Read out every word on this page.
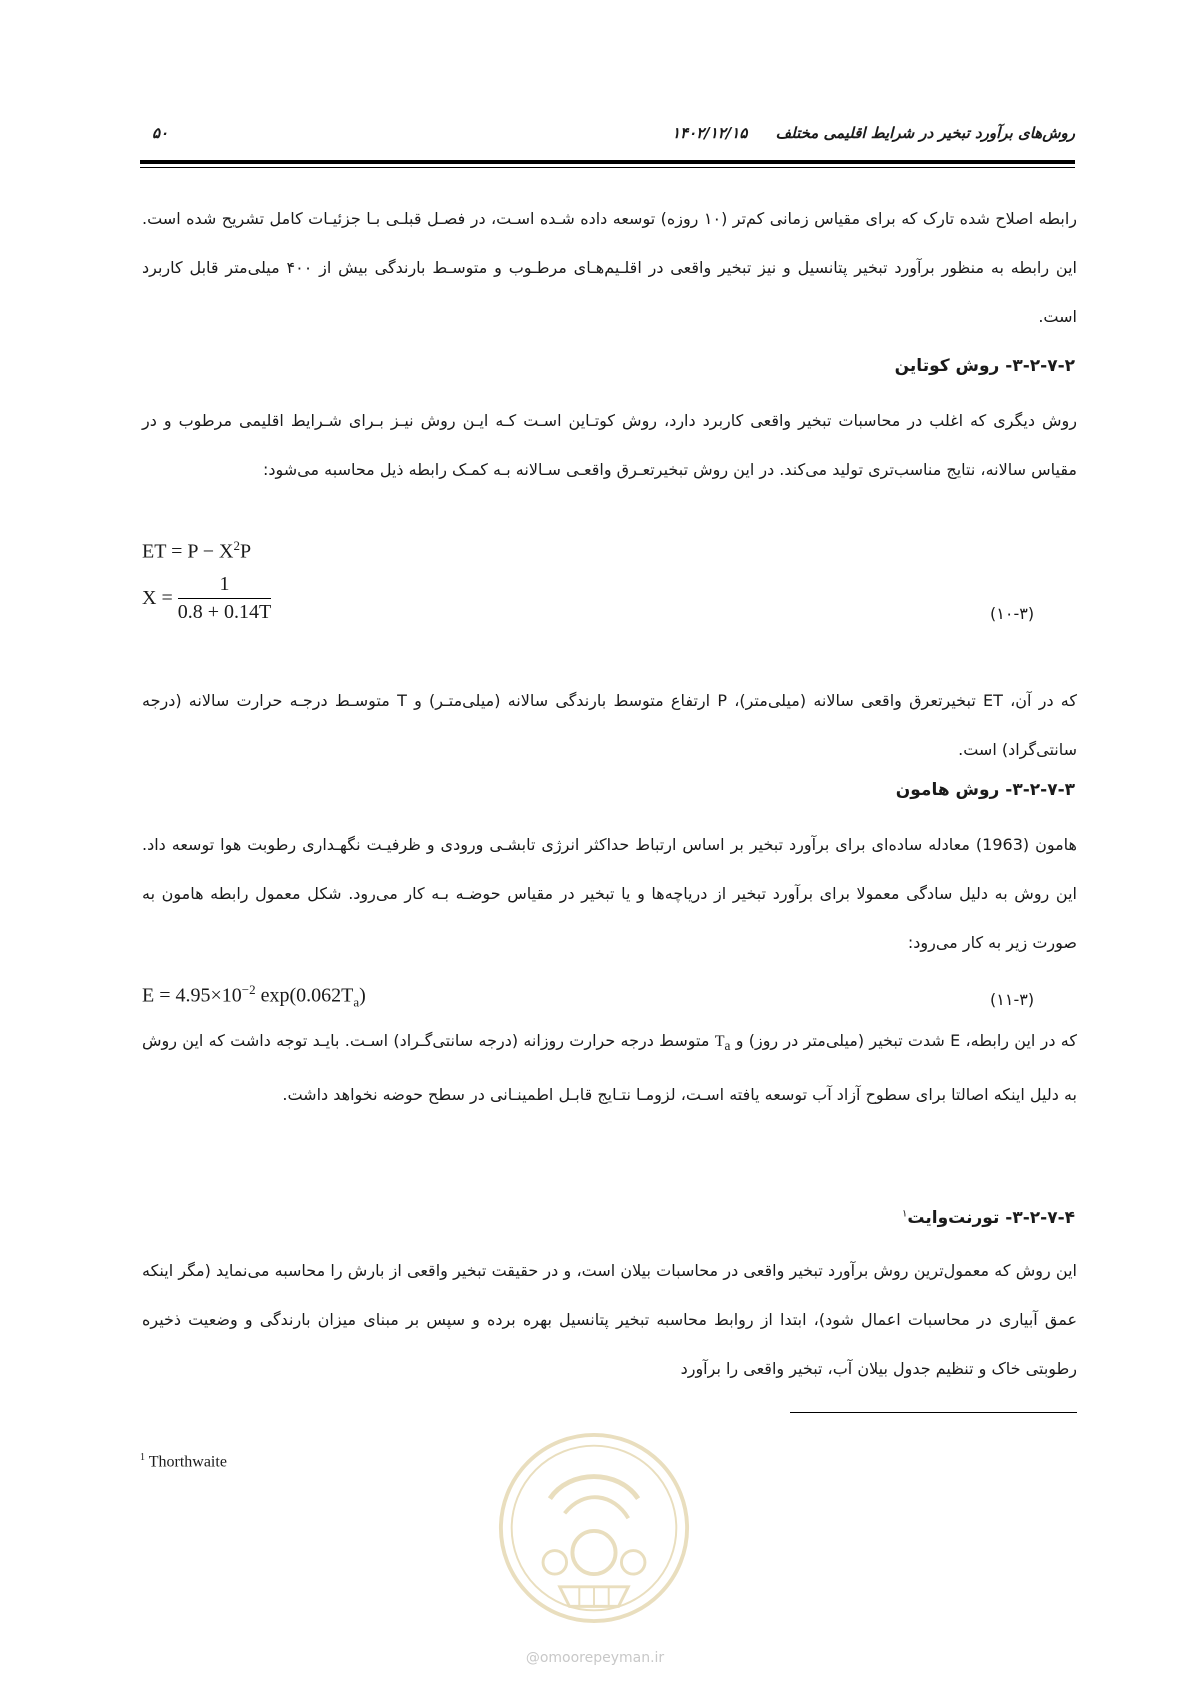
۵۰	۱۴۰۲/۱۲/۱۵ روش‌های برآورد تبخیر در شرایط اقلیمی مختلف

رابطه اصلاح شده تارک که برای مقیاس زمانی کم‌تر (۱۰ روزه) توسعه داده شـده اسـت، در فصـل قبلـی بـا جزئیـات کامل تشریح شده است. این رابطه به منظور برآورد تبخیر پتانسیل و نیز تبخیر واقعی در اقلـیم‌هـای مرطـوب و متوسـط بارندگی بیش از ۴۰۰ میلی‌متر قابل کاربرد است.

۳-۲-۷-۲- روش کوتاین

روش دیگری که اغلب در محاسبات تبخیر واقعی کاربرد دارد، روش کوتـاین اسـت کـه ایـن روش نیـز بـرای شـرایط اقلیمی مرطوب و در مقیاس سالانه، نتایج مناسب‌تری تولید می‌کند. در این روش تبخیرتعـرق واقعـی سـالانه بـه کمـک رابطه ذیل محاسبه می‌شود:

ET = $P - X^2P$
$X = \frac{1}{0.8 + 0.14T}$	(۱۰-۳)

که در آن، ET تبخیرتعرق واقعی سالانه (میلی‌متر)، P ارتفاع متوسط بارندگی سالانه (میلی‌متـر) و T متوسـط درجـه حرارت سالانه (درجه سانتی‌گراد) است.

۳-۲-۷-۳- روش هامون

هامون (1963) معادله ساده‌ای برای برآورد تبخیر بر اساس ارتباط حداکثر انرژی تابشـی ورودی و ظرفیـت نگهـداری رطوبت هوا توسعه داد. این روش به دلیل سادگی معمولا برای برآورد تبخیر از دریاچه‌ها و یا تبخیر در مقیاس حوضـه بـه کار می‌رود. شکل معمول رابطه هامون به صورت زیر به کار می‌رود:

$E = 4.95\times 10^{-2}$ $\exp(0.062T_a)$	(۱۱-۳)

که در این رابطه، E شدت تبخیر (میلی‌متر در روز) و $T_a$ متوسط درجه حرارت روزانه (درجه سانتی‌گـراد) اسـت. بایـد توجه داشت که این روش به دلیل اینکه اصالتا برای سطوح آزاد آب توسعه یافته اسـت، لزومـا نتـایج قابـل اطمینـانی در سطح حوضه نخواهد داشت.

۳-۲-۷-۴- تورنت‌وایت$^۱$

این روش که معمول‌ترین روش برآورد تبخیر واقعی در محاسبات بیلان است، و در حقیقت تبخیر واقعی از بارش را محاسبه می‌نماید (مگر اینکه عمق آبیاری در محاسبات اعمال شود)، ابتدا از روابط محاسبه تبخیر پتانسیل بهره برده و سپس بر مبنای میزان بارندگی و وضعیت ذخیره رطوبتی خاک و تنظیم جدول بیلان آب، تبخیر واقعی را برآورد

$^1$ Thorthwaite
@omoorepeyman.ir
